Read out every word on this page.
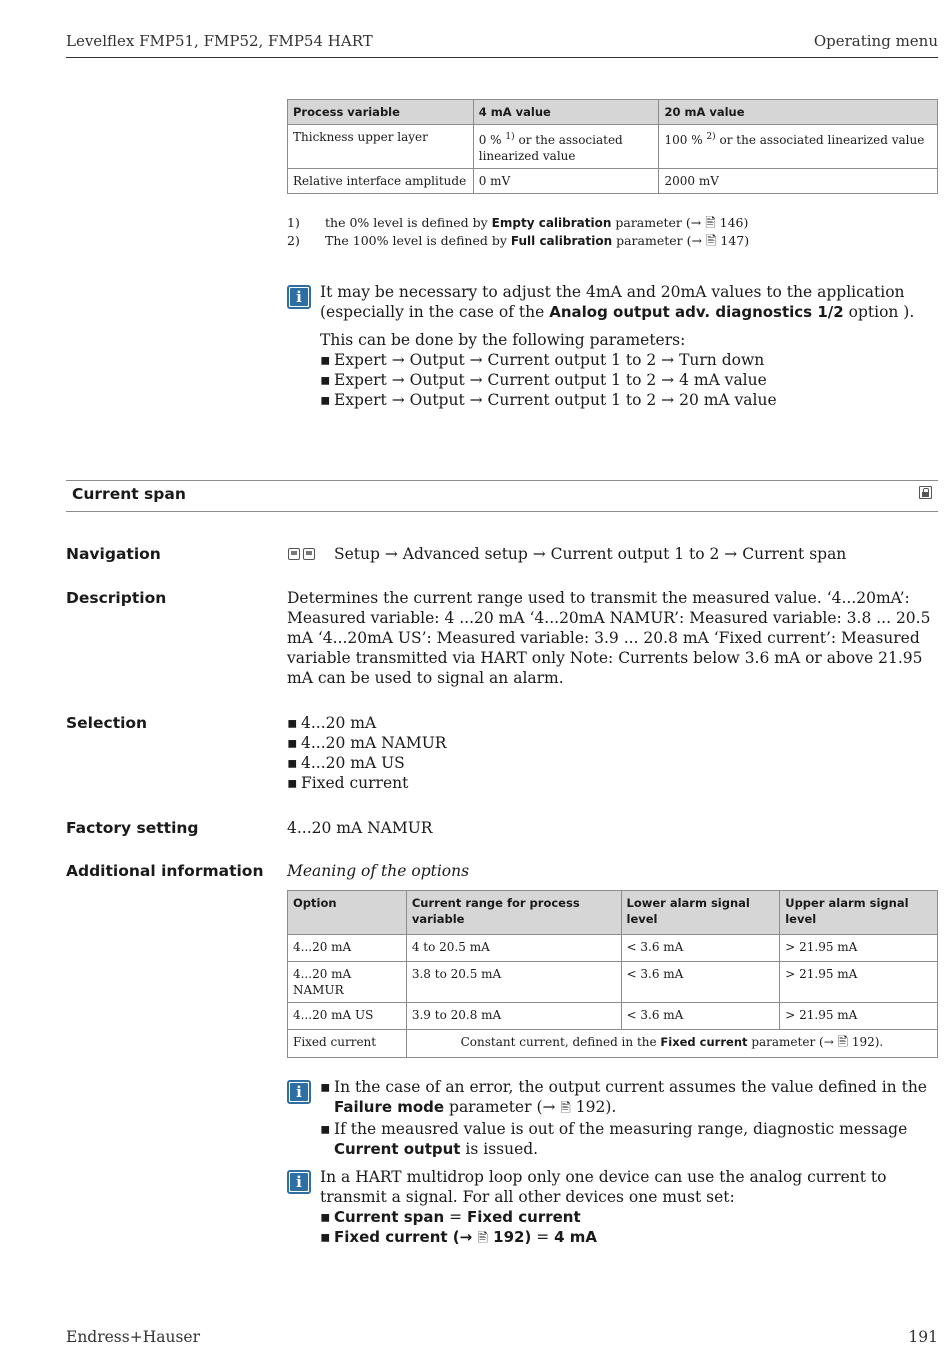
Levelflex FMP51, FMP52, FMP54 HART	Operating menu
Process variable	4 mA value	20 mA value
Thickness upper layer	0 % $^{1)}$ or the associated linearized value	100 % $^{2)}$ or the associated linearized value
Relative interface amplitude	0 mV	2000 mV
1) the 0% level is defined by Empty calibration parameter (→ 🖹 146)
2) The 100% level is defined by Full calibration parameter (→ 🖹 147)
i

It may be necessary to adjust the 4mA and 20mA values to the application (especially in the case of the Analog output adv. diagnostics 1/2 option ).

This can be done by the following parameters:

▪ Expert → Output → Current output 1 to 2 → Turn down
▪ Expert → Output → Current output 1 to 2 → 4 mA value
▪ Expert → Output → Current output 1 to 2 → 20 mA value
Current span
Navigation	Setup → Advanced setup → Current output 1 to 2 → Current span
Description	Determines the current range used to transmit the measured value. ‘4...20mA’: Measured variable: 4 ...20 mA ‘4...20mA NAMUR’: Measured variable: 3.8 ... 20.5 mA ‘4...20mA US’: Measured variable: 3.9 ... 20.8 mA ‘Fixed current’: Measured variable transmitted via HART only Note: Currents below 3.6 mA or above 21.95 mA can be used to signal an alarm.
Selection	▪ 4...20 mA
▪ 4...20 mA NAMUR
▪ 4...20 mA US
▪ Fixed current
Factory setting	4...20 mA NAMUR
Additional information Meaning of the options
Option	Current range for process variable	Lower alarm signal level	Upper alarm signal level
4...20 mA	4 to 20.5 mA	< 3.6 mA	> 21.95 mA
4...20 mA NAMUR	3.8 to 20.5 mA	< 3.6 mA	> 21.95 mA
4...20 mA US	3.9 to 20.8 mA	< 3.6 mA	> 21.95 mA
Fixed current	Constant current, defined in the Fixed current parameter (→ 🖹 192).		
i
▪ In the case of an error, the output current assumes the value defined in the Failure mode parameter (→ 🖹 192).
▪ If the meausred value is out of the measuring range, diagnostic message Current output is issued.
i

In a HART multidrop loop only one device can use the analog current to transmit a signal. For all other devices one must set:

▪ Current span = Fixed current
▪ Fixed current (→ 🖹 192) = 4 mA
Endress+Hauser	191
